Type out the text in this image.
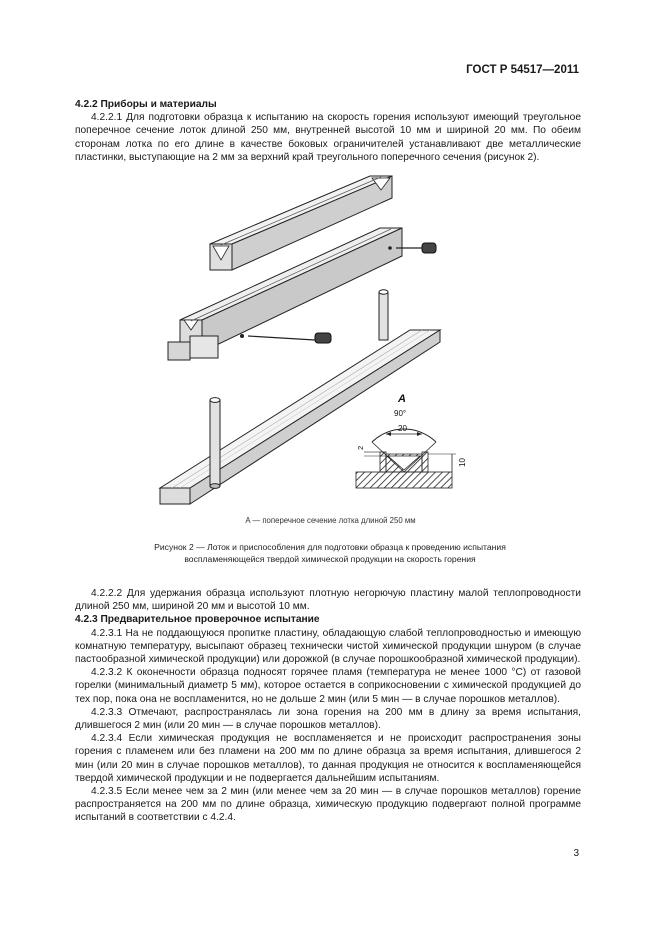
ГОСТ Р 54517—2011

4.2.2 Приборы и материалы

4.2.2.1 Для подготовки образца к испытанию на скорость горения используют имеющий треугольное поперечное сечение лоток длиной 250 мм, внутренней высотой 10 мм и шириной 20 мм. По обеим сторонам лотка по его длине в качестве боковых ограничителей устанавливают две металлические пластинки, выступающие на 2 мм за верхний край треугольного поперечного сечения (рисунок 2).

A
90°
20
2
10
A — поперечное сечение лотка длиной 250 мм
Рисунок 2 — Лоток и приспособления для подготовки образца к проведению испытания
воспламеняющейся твердой химической продукции на скорость горения

4.2.2.2 Для удержания образца используют плотную негорючую пластину малой теплопроводности длиной 250 мм, шириной 20 мм и высотой 10 мм.

4.2.3 Предварительное проверочное испытание

4.2.3.1 На не поддающуюся пропитке пластину, обладающую слабой теплопроводностью и имеющую комнатную температуру, высыпают образец технически чистой химической продукции шнуром (в случае пастообразной химической продукции) или дорожкой (в случае порошкообразной химической продукции).

4.2.3.2 К оконечности образца подносят горячее пламя (температура не менее 1000 °С) от газовой горелки (минимальный диаметр 5 мм), которое остается в соприкосновении с химической продукцией до тех пор, пока она не воспламенится, но не дольше 2 мин (или 5 мин — в случае порошков металлов).

4.2.3.3 Отмечают, распространялась ли зона горения на 200 мм в длину за время испытания, длившегося 2 мин (или 20 мин — в случае порошков металлов).

4.2.3.4 Если химическая продукция не воспламеняется и не происходит распространения зоны горения с пламенем или без пламени на 200 мм по длине образца за время испытания, длившегося 2 мин (или 20 мин в случае порошков металлов), то данная продукция не относится к воспламеняющейся твердой химической продукции и не подвергается дальнейшим испытаниям.

4.2.3.5 Если менее чем за 2 мин (или менее чем за 20 мин — в случае порошков металлов) горение распространяется на 200 мм по длине образца, химическую продукцию подвергают полной программе испытаний в соответствии с 4.2.4.

3
